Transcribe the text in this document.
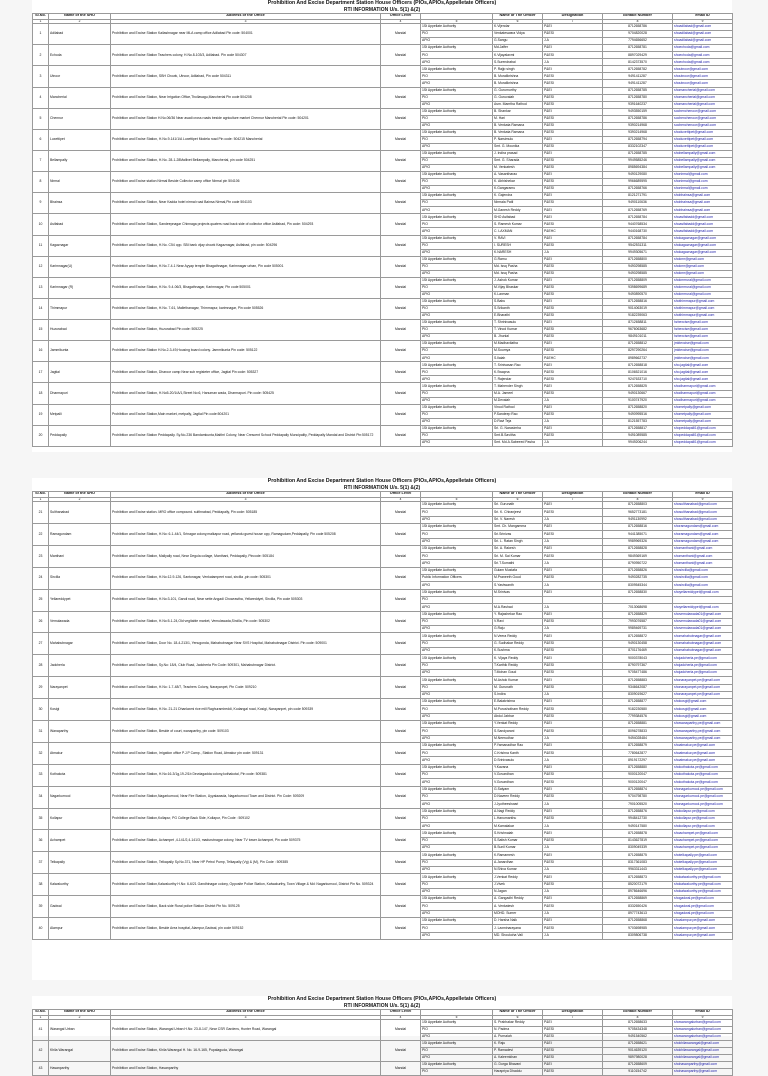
Prohibition And Excise Department Station House Officers (PIOs,APIOs,Appelletate Officers)
RTI INFORMATION U/s. 5(1) &(2)
Sl.No.	Name of the SHO	Address of the Office	Office Level		Name of The Officer	Designation	contact Number	email ID
1	2	3	4	5	6	7	8	9
1	Adilabad	Prohibition and Excise Station Kailashnagar near MLA camp office Adilabad Pin code: 504001	Mandal	1St Appellate Authority	K.Vijendar	P&EI	8712658786	shoadilabad@gmail.com
				PIO	Venkateswara Vidya	P&ESI	9704820028	shoadilabad@gmail.com
				APIO	G.Sangu	J.A	7794656652	shoadilabad@gmail.com
2	Echoda	Prohibition and Excise Station Teachers colony, H.No.8-103/3, Adilabad. Pin code 504307	Mandal	1St Appellate Authority	Md.Jaffer	P&EI	8712658781	shoechoda@gmail.com
				PIO	K.Vijayalaxmi	P&ESI	8897029429	shoechoda@gmail.com
				APIO	S.Surendrabai	J.A	8142373570	shoechoda@gmail.com
3	Utnoor	Prohibition and Excise Station, SBH Chowk, Utnoor, Adilabad, Pin code 504311	Mandal	1St Appellate Authority	P. Rajip singh	P&EI	8712658782	shoutnoor@gmail.com
				PIO	B. Muralikrishna	P&ESI	9491411287	shoutnoor@gmail.com
				APIO	B. Muralikrishna	P&ESI	9491411287	shoutnoor@gmail.com
4	Mancherial	Prohibition and Excise Station, Near Irrigation Office,Thollavagu,Mancherial Pin code 504208	Mandal	1St Appellate Authority	G. Gurumurthy	P&EI	8712658785	shomancherial@gmail.com
				PIO	G. Guruvaiah	P&ESI	8712658780	shomancherial@gmail.com
				APIO	Asm. Mamtha Rathod	P&ESI	9391640237	shomancherial@gmail.com
5	Chennur	Prohibition and Excise Station H.No.06/36 Near asadi cross roads beside agriculture market Chennur Mancherial Pin code: 504201	Mandal	1St Appellate Authority	B. Shankar	P&EI	9493550159	sochenchenoor@gmail.com
				PIO	M. Hari	P&ESI	8712658786	sochenchenoor@gmail.com
				APIO	B. Venkata Ramana	P&ESI	9390214968	sochenchenoor@gmail.com
6	Luxettipet	Prohibition and Excise Station, H.No.9-141/1/A Luxettipet Modela road Pin code: 504215 Mancherial	Mandal	1St Appellate Authority	B. Venkata Ramana	P&ESI	9390214968	shoduxettipet@gmail.com
				PIO	P. Narsimulu	P&EI	8712658794	shoduxettipet@gmail.com
				APIO	Smt. G. Mounika	P&ESI	8332102347	shoduxettipet@gmail.com
7	Bellampally	Prohibition and Excise Station, H.No. 28-1-28Mallivet Bellampally, Mancherial, pin code 504251	Mandal	1St Appellate Authority	J. Indira prasad	P&EI	8712658785	shobellampally@gmail.com
				PIO	Smt. G. Sharada	P&ESI	9949585246	shobellampally@gmail.com
				APIO	M. Venkatesh	P&ESI	8985694384	shobellampally@gmail.com
8	Nirmal	Prohibition and Excise station Nirmal Beside Collector camp office Nirmal pin 504106	Mandal	1St Appellate Authority	A. Vasantharao	P&EI	9490129080	shonirmal@gmail.com
				PIO	K. Abhishekar	P&ESI	9966689595	shonirmal@gmail.com
				APIO	K.Gangaramu	P&ESI	8712658766	shonirmal@gmail.com
9	Bhainsa	Prohibition and Excise Station, Near Kadda hotel nirmal road Bainsa Nirmal,Pin code 504103	Mandal	1St Appellate Authority	K. Gajendra	P&EI	8121271791	shobhainsa@gmail.com
				PIO	Nirmala Patil	P&ESI	9490110636	shobhainsa@gmail.com
				APIO	M.Ganesh Reddy	P&EI	8712658769	shobhainsa@gmail.com
10	Asifabad	Prohibition and Excise Station, Sandeepnagar Chinnaga projects quaters road back side of collector office Asifabad, Pin code: 504293	Mandal	1St Appellate Authority	SHO Asifabad	P&EI	8712658784	shoasifabadd@gmail.com
				PIO	S. Ramesh Kumar	P&ESI	9440768534	shoasifabadd@gmail.com
				APIO	C. LAXMAN	P&EHC	9440168730	shoasifabadd@gmail.com
11	Kagaznagar	Prohibition and Excise Station, H.No. C54 opp. SBI bank vijay chowk Kagaznagar, Asifabad, pin code: 504296	Mandal	1St Appellate Authority	V. RAVI	P&EI	8712658784	shokagaznagar@gmail.com
				PIO	I. SURESH	P&ESI	9542531311	shokagaznagar@gmail.com
				APIO	K.NARESH	J.A	9949305671	shokagaznagar@gmail.com
12	Karimnagar(U)	Prohibition and Excise Station, H.No.7-4-1 Near Ayyap temple Bhagathnagar, Karimnagar urban, Pin code 505001	Mandal	1St Appellate Authority	G.Ramu	P&EI	8712658800	shokmr@gmail.com
				PIO	Md. Issq Pasha	P&ESI	9490298585	shokmr@gmail.com
				APIO	Md. Issq Pasha	P&ESI	9490298585	shokmr@gmail.com
13	Karimnagar (R)	Prohibition and Excise Station, H.No. 9-4-06/3, Bhagathnagar, Karimnagar, Pin code 505001	Mandal	1St Appellate Authority	J. Ashok Kumar	P&EI	8712658809	shokmrrural@gmail.com
				PIO	M.Vijay Bhaskar	P&ESI	9398699689	shokmrrural@gmail.com
				APIO	K.Laxman	P&ESI	9490890570	shokmrrural@gmail.com
14	Thimmapur	Prohibition and Excise Station, H.No. 7-61, Mallethanagar, Thimmapur, karimnagar, Pin code 505526	Mandal	1St Appellate Authority	S.Babu	P&EI	8712658816	shothimmapur@gmail.com
				PIO	S.Srikanth	P&ESI	9014063019	shothimmapur@gmail.com
				APIO	E.Bharathi	P&ESI	9182239063	shothimmapur@gmail.com
15	Huzurabad	Prohibition and Excise Station, Huzurabad Pin code: 505225	Mandal	1St Appellate Authority	T. Shrinivasulu	P&EI	8712658811	hzbexcise@gmail.com
				PIO	T. Vinod Kumar	P&ESI	9676063682	hzbexcise@gmail.com
				APIO	B. Jhunlal	P&ESI	9849101011	hzbexcise@gmail.com
16	Jammikunta	Prohibition and Excise Station H.No.2-3-49,Housing board colony. Jammikunta Pin code: 505122	Mandal	1St Appellate Authority	M.Madhavilatha	P&EI	8712658812	jmktexcise@gmail.com
				PIO	M.Soumya	P&ESI	8297290264	jmktexcise@gmail.com
				APIO	S.Ilaiah	P&EHC	8989662737	jmktexcise@gmail.com
17	Jagtial	Prohibition and Excise Station, Dharoor camp Near sub registeter office, Jagtial Pin code: 505327	Mandal	1St Appellate Authority	T. Srinivasan Rao	P&EI	8712658818	sho.jagtial@gmail.com
				PIO	K.Swapna	P&ESI	8106521016	sho.jagtial@gmail.com
				APIO	T. Rajendar	P&ESI	9247633710	sho.jagtial@gmail.com
18	Dharmapuri	Prohibition and Excise Station, H.No5-20/1/A/1,Street No:6, Hanuman wada, Dharmapuri. Pin code: 505425	Mandal	1St Appellate Authority	T. Mahender Singh	P&EI	8712658825	shodharmapuri@gmail.com
				PIO	M.A. Jameel	P&ESI	9490130667	shodharmapuri@gmail.com
				APIO	M.Devaiah	J.A	9100747920	shodharmapuri@gmail.com
19	Metpalli	Prohibition and Excise Station,Main market, metpally, Jagtial Pin code:504201	Mandal	1St Appellate Authority	Vinod Rathod	P&EI	8712658820	shometpally@gmail.com
				PIO	P.Sandeep Rao	P&ESI	9490995516	shometpally@gmail.com
				APIO	D.Ravi Teja	J.A	8121557783	shometpally@gmail.com
20	Peddapally	Prohibition and Excise Station Peddapally. Sy.No.236 Bandamkunta,Maithri Colony, Near Crescent School Peddapally Muncipality, Peddapally Mandal and District Pin:505172	Mandal	1St Appellate Authority	Sri. G. Narasimha	P&EI	8712658817	shopeddapalli1@gmail.com
				PIO	Smt.B.Savitha	P&ESI	9491089585	shopeddapalli1@gmail.com
				APIO	Smt. Md.A.Sabeeed Pasha	J.A	9949206244	shopeddapalli1@gmail.com
Prohibition And Excise Department Station House Officers (PIOs,APIOs,Appelletate Officers)
RTI INFORMATION U/s. 5(1) &(2)
Sl.No.	Name of the SHO	Address of the Office	Office Level		Name of The Officer	Designation	contact Number	email ID
1	2	3	4	5	6	7	8	9
21	Sulthanabad	Prohibition and Excise station. MRO office compound. sulthnabad, Peddapally, Pin code: 505185	Mandal	1St Appellate Authority	Sri. Gurunath	P&EI	8712658803	shosulthanabad@gmail.com
				PIO	Sri. K. Chiranjeevi	P&ESI	9652773181	shosulthanabad@gmail.com
				APIO	Sri. V. Naresh	J.A	9491130992	shosulthanabad@gmail.com
22	Ramagundam	Prohibition and Excise Station, H.No: 6-1-44/1, Srinagar colony,malkapur road, yellandu guest house opp, Ramagudam,Peddapally, Pin code 505208	Mandal	1St Appellate Authority	Smt. Ch. Mangamma	P&EI	8712658816	shoramagundam@gmail.com
				PIO	Sri.Srinivas	P&ESI	9441385071	shoramagundam@gmail.com
				APIO	Sri. L. Ratan Singh	J.A	9989969326	shoramagundam@gmail.com
23	Manthani	Prohibition and Excise Station, Mallyally road, Near Degula collage, Manthani, Peddapally, Pincode: 505184	Mandal	1St Appellate Authority	Sri. A. Rakesh	P&EI	8712658828	shomanthani@gmail.com
				PIO	Sri. M. Sai Kumar	P&ESI	9849369169	shomanthani@gmail.com
				APIO	Sri.T.Sumathi	J.A	8790950722	shomanthani@gmail.com
24	Sircilla	Prohibition and Excise Station, H.No:12-9-126, Santonagar, Venkatampeet road, sircilla ,pin code: 505301	Mandal	1St Appellate Authority	Gulam Mustafa	P&EI	8712658826	shosircilla@gmail.com
				Public Information Officers	M.Praneeth Goud	P&ESI	9490282735	shosircilla@gmail.com
				APIO	S.Yashwanth	J.A	8309545344	shosircilla@gmail.com
25	Yellareddypet	Prohibition and Excise Station, H.No:3-101, Gandi road, Near sette Angadi Chowrastha, Yellareddyet, Sircilla, Pin code 505303	Mandal	1St Appellate Authority	M.Srinivas	P&EI	8712658830	shoyellareddypet@gmail.com
				PIO				
				APIO	M.A.Rashad	J.A	7013068698	shoyellareddypet@gmail.com
26	Vemulawada	Prohibition and Excise Station, H.No:5-1-24,Old vegitable market, Vemulawada,Sircilla, Pin code: 505302	Mandal	1St Appellate Authority	Y. Rajashekar Rao	P&EI	8712658829	shovemulawada01@gmail.com
				PIO	V.Ravi	P&ESI	7993076587	shovemulawada01@gmail.com
				APIO	G.Raju	J.A	9989469731	shovemulawada01@gmail.com
27	Mahabubnagar	Prohibition and Excise Station, Door No. 18-4-213/1, Yenugonda, Mahabubnagar Near SVS Hospital, Mahabubnagar District. Pin code: 509001	Mandal	1St Appellate Authority	N.Veera Reddy	P&EI	8712658872	shomahabubnagar@gmail.com
				PIO	G. Sudhakar Reddy	P&ESI	9490130458	shomahabubnagar@gmail.com
				APIO	K.Sushma	P&ESI	8701176469	shomahabubnagar@gmail.com
28	Jadcherla	Prohibition and Excise Station, Sy.No: 18/4, Club Road, Jadcherla Pin Code: 509301, Mahabubnagar District.	Mandal	1St Appellate Authority	K. Vijaya Reddy	P&EI	9000378043	shojadcherla.pe@gmail.com
				PIO	T.Karthik Reddy	P&ESI	8790797367	shojadcherla.pe@gmail.com
				APIO	T.Mohan Goud	P&ESI	9705477486	shojadcherla.pe@gmail.com
29	Narayanpet	Prohibition and Excise Station, H.No: 1-7-48/7, Teachers Colony, Narayanpet, Pin Code: 509210	Mandal	1St Appellate Authority	M.Ashok Kumar	P&EI	8712658883	shonarayanpet.pe@gmail.com
				PIO	M. Gurunath	P&ESI	9346642087	shonarayanpet.pe@gmail.com
				APIO	S.Indira	J.A	8309019627	shonarayanpet.pe@gmail.com
30	Kosigi	Prohibition and Excise Station, H.No. 21-21 Dhanlaxmi rice mill Raghuramireddi, Kodangal road, Kosigi, Narayanpet, pin code 509339	Mandal	1St Appellate Authority	E.Balakrishna	P&EI	8712658877	shokosgi@gmail.com
				PIO	M.Purushotham Reddy	P&ESI	9182230580	shokosgi@gmail.com
				APIO	Abdul Jabbar	P&ESI	7799384576	shokosgi@gmail.com
31	Wanaparthy	Prohibition and Excise Station, Beside of court, wanaparthy, pin code: 509103	Mandal	1St Appellate Authority	Y.Venkat Reddy	P&EI	8712658881	showanaparthy.pe@gmail.com
				PIO	S.Sandyarani	P&ESI	8096278833	showanaparthy.pe@gmail.com
				APIO	M.Neerudhar	J.A	9494028484	showanaparthy.pe@gmail.com
32	Atmakur	Prohibition and Excise Station, Irrigation office P.J.P Camp., Station Road, Atmakur pin code: 509131	Mandal	1St Appellate Authority	P.Yamanadhar Rao	P&EI	8712658879	shoatmakur.pe@gmail.com
				PIO	C.Krishna Kanth	P&ESI	7780642877	shoatmakur.pe@gmail.com
				APIO	D.Srinivasulu	J.A	8919172297	shoatmakur.pe@gmail.com
33	Kothakota	Prohibition and Excise Station, H.No:16-3/1g,19-2/1b Devdagadda colony,kothakotal, Pin code: 509381	Mandal	1St Appellate Authority	Y.Kavana	P&EI	8712658880	shokothakota.pe@gmail.com
				PIO	V.Govardhan	P&ESI	9000120047	shokothakota.pe@gmail.com
				APIO	V.Govardhan	P&ESI	9000120047	shokothakota.pe@gmail.com
34	Nagarkurnool	Prohibition and Excise Station,Nagarkurnool, Near Fire Station, Uyyalawada, Nagarkurnool Town and District. Pin Code: 509209	Mandal	1St Appellate Authority	G.Satyam	P&EI	8712658874	shonagarkurnool.pe@gmail.com
				PIO	D.Naveen Reddy	P&ESI	9704798780	shonagarkurnool.pe@gmail.com
				APIO	J.Jyotheeshwari	J.A	7901005520	shonagarkurnool.pe@gmail.com
35	Kollapur	Prohibition and Excise Station,Kollapur, PG College Back Side, Kollapur, Pin Code : 509102	Mandal	1St Appellate Authority	A.Nagi Reddy	P&EI	8712658876	shokollapur.pe@gmail.com
				PIO	L.Hanumanthu	P&ESI	9948412730	shokollapur.pe@gmail.com
				APIO	M.Kamalakar	J.A	9490147580	shokollapur.pe@gmail.com
36	Achampet	Prohibition and Excise Station, Achampet ,4-141/2,4-141/3, madurutnagar colony, Near TV tower Achampet, Pin code 509375	Mandal	1St Appellate Authority	S.Krishnaiah	P&EI	8712658878	shoachampet.pe@gmail.com
				PIO	S.Satish Kumar	P&ESI	8143627819	shoachampet.pe@gmail.com
				APIO	B.Sunil Kumar	J.A	8309049339	shoachampet.pe@gmail.com
37	Telkapally	Prohibition and Excise Station, Telkapally Sy.No.371, Near HP Petrol Pump, Telkapally (Vg) & (M), Pin Code : 509385	Mandal	1St Appellate Authority	K.Ramamesh	P&EI	8712658875	shotelkapally.pe@gmail.com
				PIO	A.Janardhan	P&ESI	8317361083	shotelkapally.pe@gmail.com
				APIO	N.Shiva Kumar	J.A	9963311443	shotelkapally.pe@gmail.com
38	Kalwakurthy	Prohibition and Excise Station,Kalwakurthy H.No: 6-6/21 Gandhinagar colony, Opposite Police Station, Kalwakurthy, Town Village & Md: Nagarkurnool, District Pin No. 509324	Mandal	1St Appellate Authority	J.Venkat Reddy	P&EI	8712658873	shokalwakurthy.pe@gmail.com
				PIO	J.Vivek	P&ESI	8520072179	shokalwakurthy.pe@gmail.com
				APIO	N.Jagan	J.A	8978646696	shokalwakurthy.pe@gmail.com
39	Gadwal	Prohibition and Excise Station, Back side Rural police Station District Pin No. 509125	Mandal	1St Appellate Authority	A. Gangadhi Reddy	P&EI	8712658869	shogadwal.pe@gmail.com
				PIO	A. Venkatesh	P&ESI	8332650426	shogadwal.pe@gmail.com
				APIO	MOHD. Sumer	J.A	8977743613	shogadwal.pe@gmail.com
40	Alampur	Prohibition and Excise Station, Beside Area hospital, Alampur,Gadwal, pin code 509152	Mandal	1St Appellate Authority	D. Harsha Naik	P&EI	8712658868	shoalampur.pe@gmail.com
				PIO	J. Laxminarayana	P&ESI	9703698985	shoalampur.pe@gmail.com
				APIO	MD. Shoukoha Vali	J.A	8309806738	shoalampur.pe@gmail.com
Prohibition And Excise Department Station House Officers (PIOs,APIOs,Appelletate Officers)
RTI INFORMATION U/s. 5(1) &(2)
Sl.No.	Name of the SHO	Address of the Office	Office Level		Name of The Officer	Designation	contact Number	email ID
1	2	3	4	5	6	7	8	9
41	Warangal Urban	Prohibition and Excise Station, Warangal Urban H.No: 23-8-147, Near CSR Gardens, Hunter Road, Warangal	Mandal	1St Appellate Authority	S. Prabhakar Reddy	P&EI	8712658633	showarangalurban@gmail.com
				PIO	N. Padma	P&ESI	9705434348	showarangalurban@gmail.com
				APIO	A. Purnaiah	P&ESI	9491540562	showarangalurban@gmail.com
42	Khila Warangal	Prohibition and Excise Station, Khila Warangal H. No. 16-9-165, Pupalaguda, Warangal	Mandal	1St Appellate Authority	K. Raju	P&EI	8712658621	shokhilawarangal@gmail.com
				PIO	P. Ramadevi	P&ESI	9014639120	shokhilawarangal@gmail.com
				APIO	A. Kaleemkhan	P&ESI	9897980028	shokhilawarangal@gmail.com
43	Hasanparthy	Prohibition and Excise Station, Hasanparthy	Mandal	1St Appellate Authority	G. Durga Bhavani	P&EI	8712658609	shohasanparthy@gmail.com
				PIO	Harapriya Dhaddu	P&ESI	9110154742	shohasanparthy@gmail.com
